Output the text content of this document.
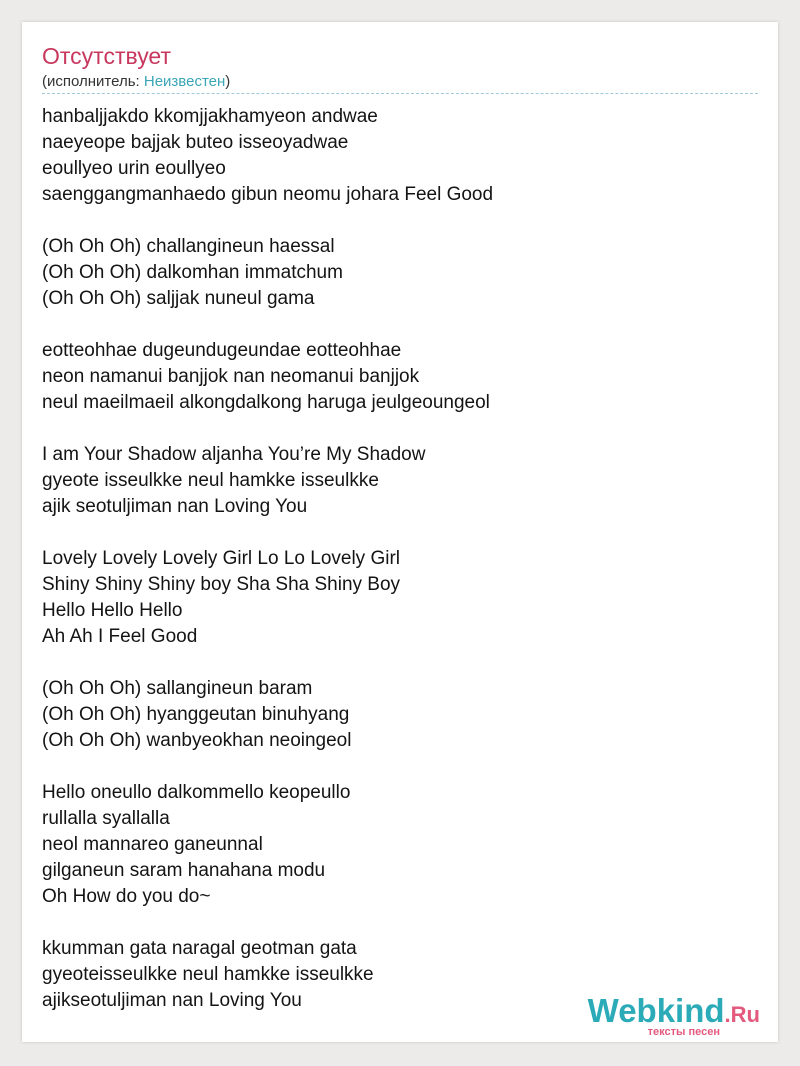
Отсутствует
(исполнитель: Неизвестен)
hanbaljjakdo kkomjjakhamyeon andwae
naeyeope bajjak buteo isseoyadwae
eoullyeo urin eoullyeo
saenggangmanhaedo gibun neomu johara Feel Good
(Oh Oh Oh) challangineun haessal
(Oh Oh Oh) dalkomhan immatchum
(Oh Oh Oh) saljjak nuneul gama
eotteohhae dugeundugeundae eotteohhae
neon namanui banjjok nan neomanui banjjok
neul maeilmaeil alkongdalkong haruga jeulgeoungeol
I am Your Shadow aljanha You’re My Shadow
gyeote isseulkke neul hamkke isseulkke
ajik seotuljiman nan Loving You
Lovely Lovely Lovely Girl Lo Lo Lovely Girl
Shiny Shiny Shiny boy Sha Sha Shiny Boy
Hello Hello Hello
Ah Ah I Feel Good
(Oh Oh Oh) sallangineun baram
(Oh Oh Oh) hyanggeutan binuhyang
(Oh Oh Oh) wanbyeokhan neoingeol
Hello oneullo dalkommello keopeullo
rullalla syallalla
neol mannareo ganeunnal
gilganeun saram hanahana modu
Oh How do you do~
kkumman gata naragal geotman gata
gyeoteisseulkke neul hamkke isseulkke
ajikseotuljiman nan Loving You	Webkind.Ru
тексты песен
